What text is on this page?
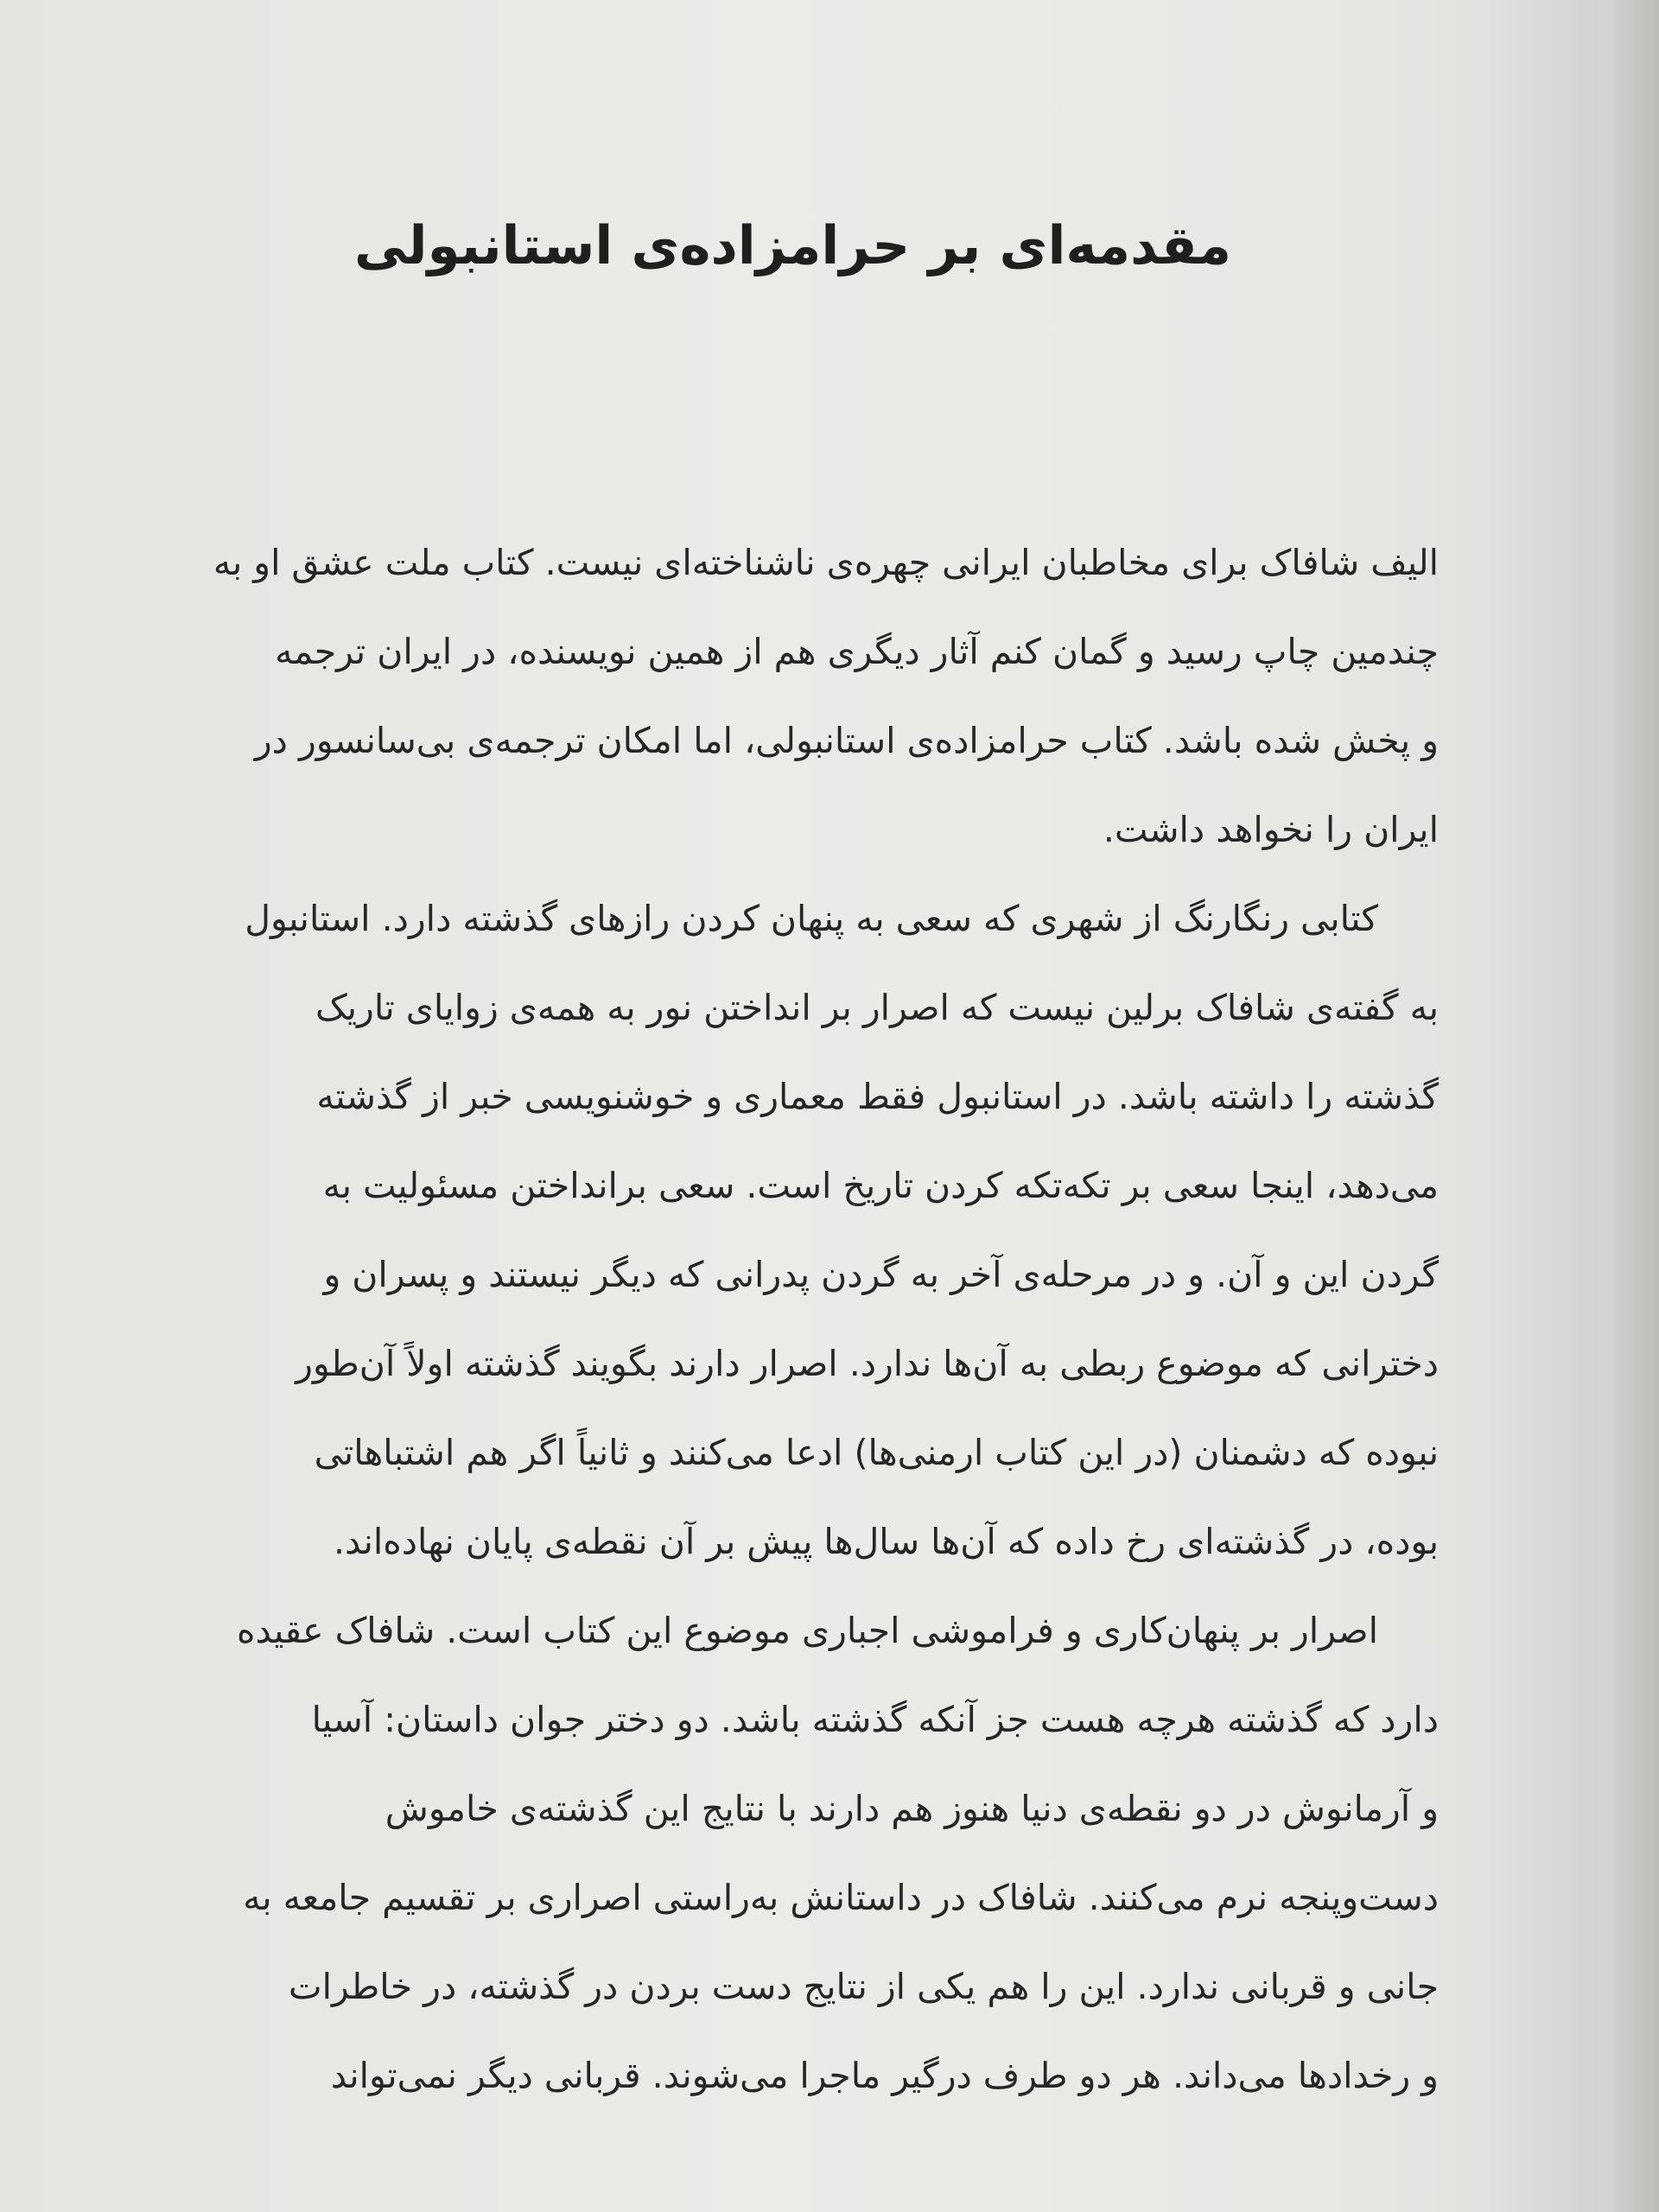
مقدمه‌ای بر حرامزاده‌ی استانبولی
الیف شافاک برای مخاطبان ایرانی چهره‌ی ناشناخته‌ای نیست. کتاب ملت عشق او به
چندمین چاپ رسید و گمان کنم آثار دیگری هم از همین نویسنده، در ایران ترجمه
و پخش شده باشد. کتاب حرامزاده‌ی استانبولی، اما امکان ترجمه‌ی بی‌سانسور در
ایران را نخواهد داشت.
کتابی رنگارنگ از شهری که سعی به پنهان کردن رازهای گذشته دارد. استانبول
به گفته‌ی شافاک برلین نیست که اصرار بر انداختن نور به همه‌ی زوایای تاریک
گذشته را داشته باشد. در استانبول فقط معماری و خوشنویسی خبر از گذشته
می‌دهد، اینجا سعی بر تکه‌تکه کردن تاریخ است. سعی برانداختن مسئولیت به
گردن این و آن. و در مرحله‌ی آخر به گردن پدرانی که دیگر نیستند و پسران و
دخترانی که موضوع ربطی به آن‌ها ندارد. اصرار دارند بگویند گذشته اولاً آن‌طور
نبوده که دشمنان (در این کتاب ارمنی‌ها) ادعا می‌کنند و ثانیاً اگر هم اشتباهاتی
بوده، در گذشته‌ای رخ داده که آن‌ها سال‌ها پیش بر آن نقطه‌ی پایان نهاده‌اند.
اصرار بر پنهان‌کاری و فراموشی اجباری موضوع این کتاب است. شافاک عقیده
دارد که گذشته هرچه هست جز آنکه گذشته باشد. دو دختر جوان داستان: آسیا
و آرمانوش در دو نقطه‌ی دنیا هنوز هم دارند با نتایج این گذشته‌ی خاموش
دست‌وپنجه نرم می‌کنند. شافاک در داستانش به‌راستی اصراری بر تقسیم جامعه به
جانی و قربانی ندارد. این را هم یکی از نتایج دست بردن در گذشته، در خاطرات
و رخدادها می‌داند. هر دو طرف درگیر ماجرا می‌شوند. قربانی دیگر نمی‌تواند
